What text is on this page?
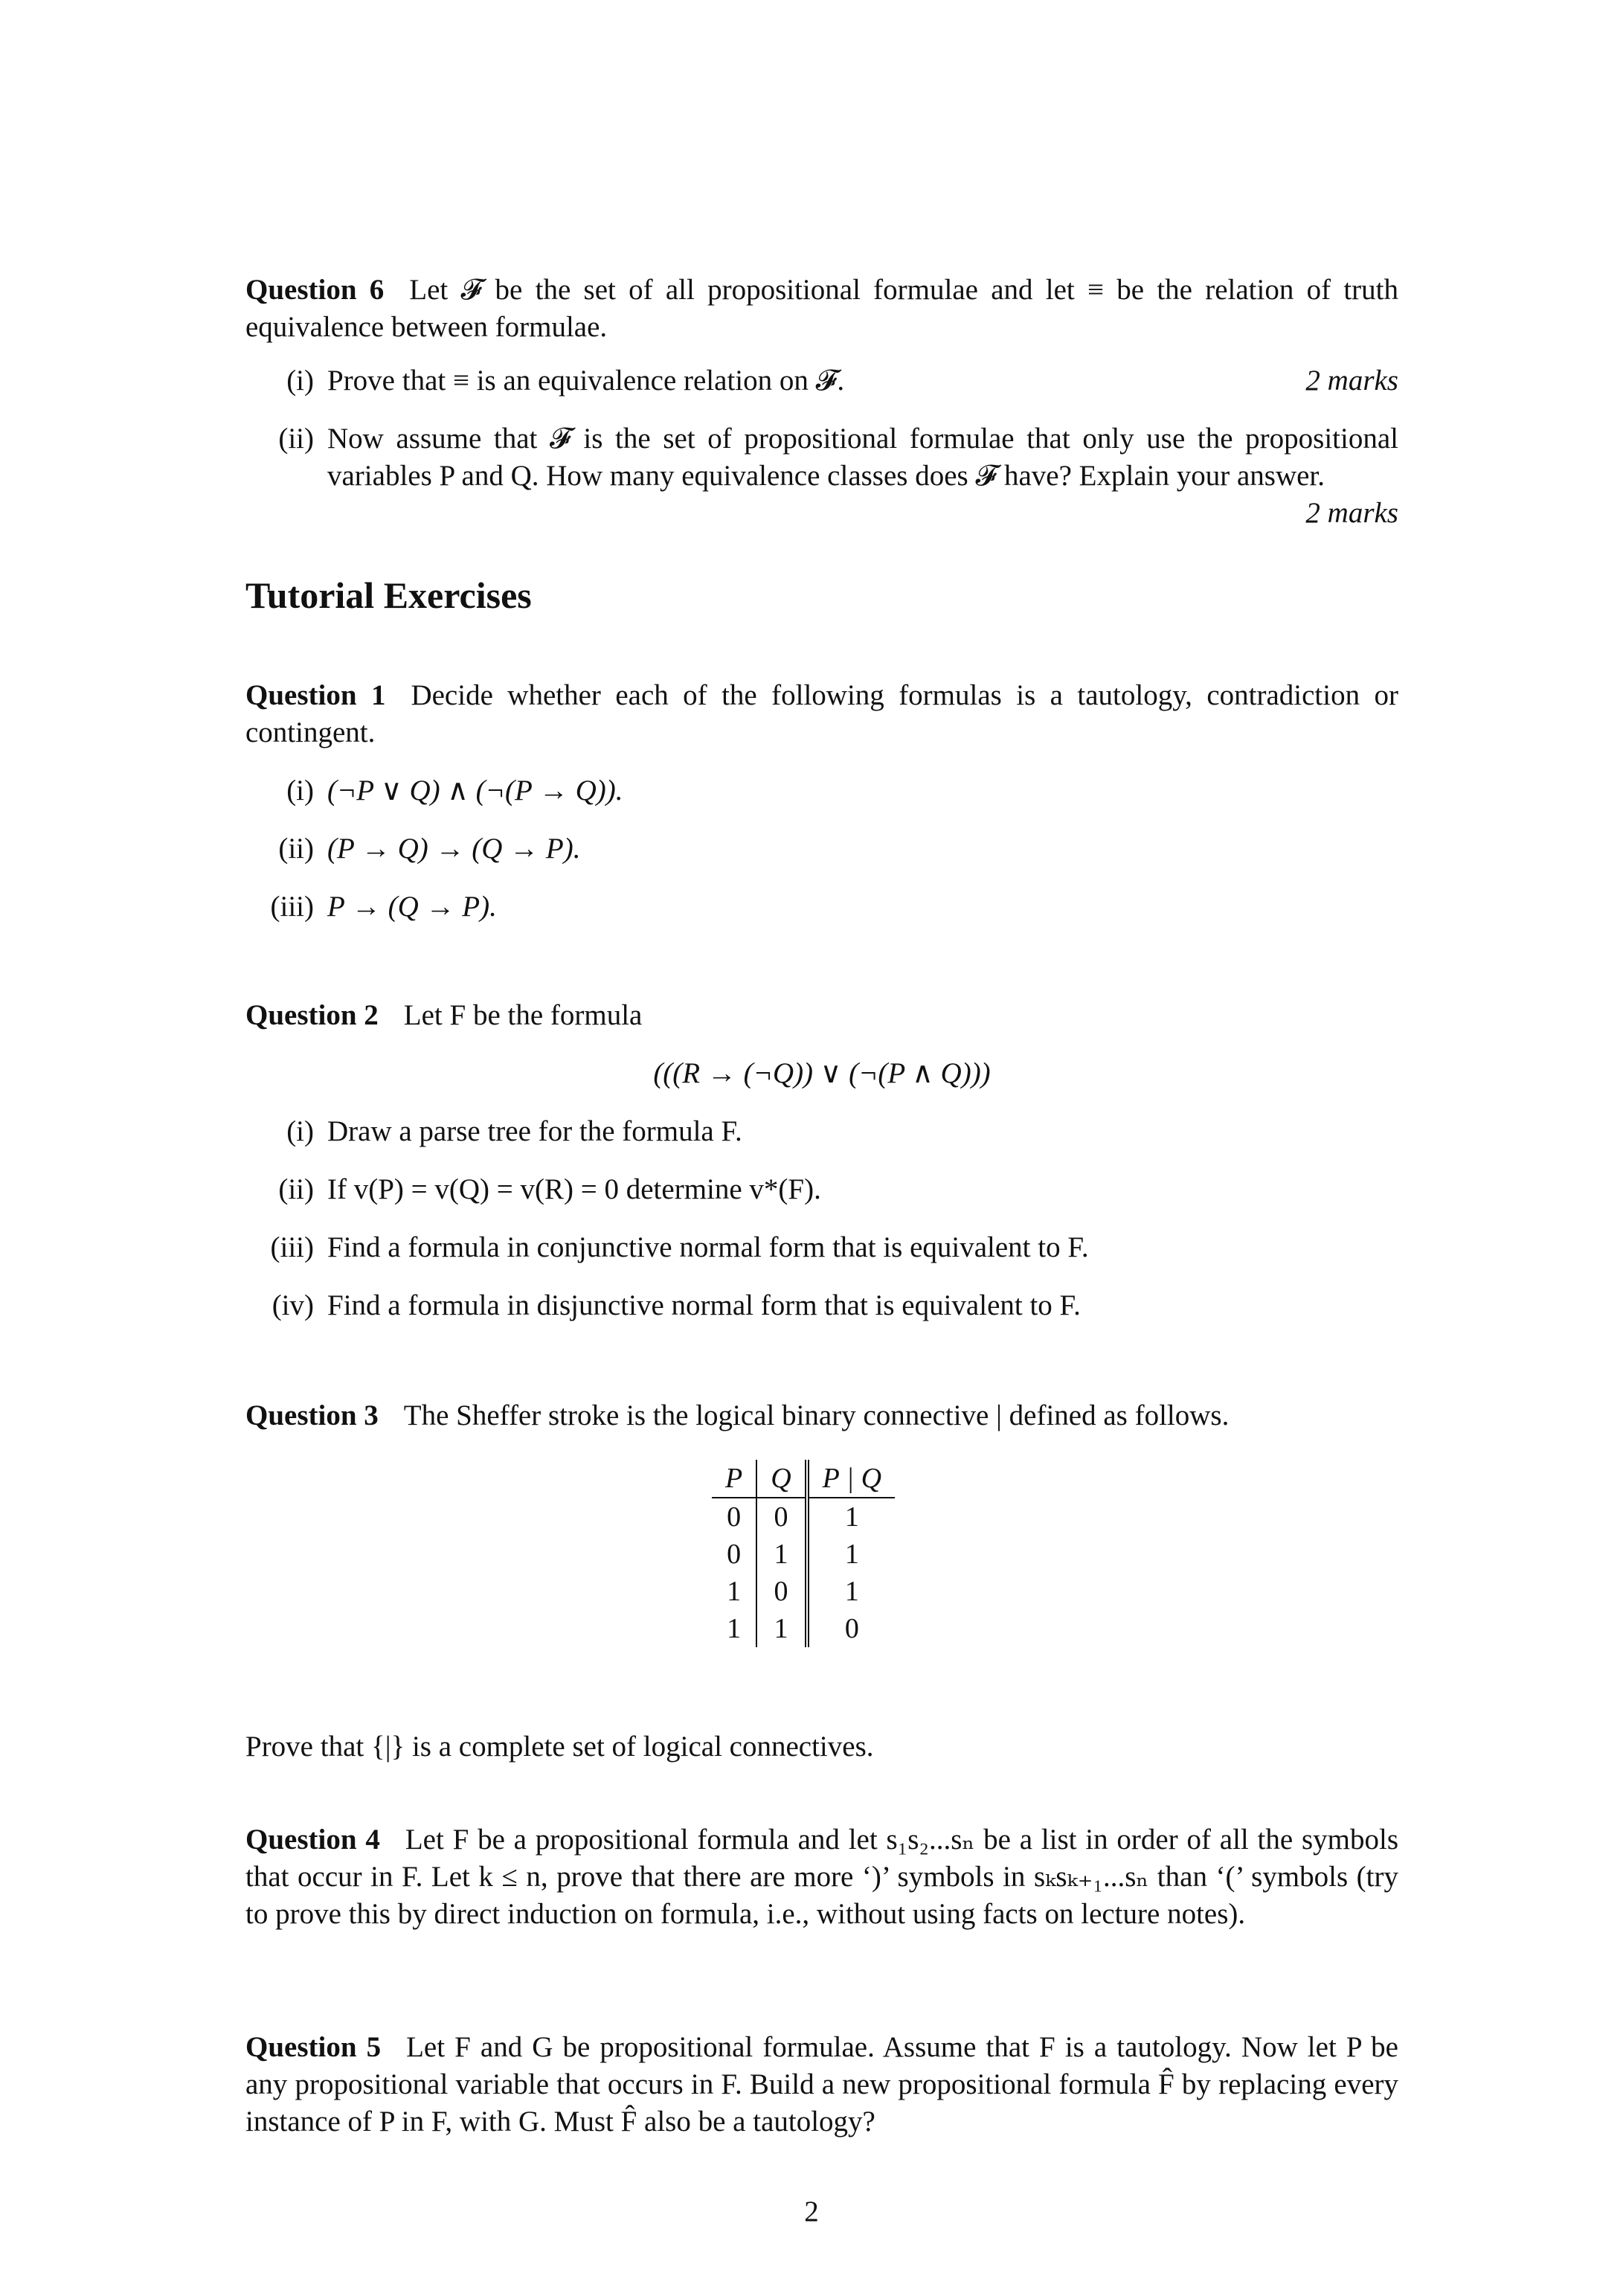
Question 6 Let 𝓕 be the set of all propositional formulae and let ≡ be the relation of truth equivalence between formulae.
(i) Prove that ≡ is an equivalence relation on 𝓕.	2 marks
(ii) Now assume that 𝓕 is the set of propositional formulae that only use the propositional variables P and Q. How many equivalence classes does 𝓕 have? Explain your answer.
2 marks
Tutorial Exercises
Question 1 Decide whether each of the following formulas is a tautology, contradiction or contingent.
(i) (¬P ∨ Q) ∧ (¬(P → Q)).
(ii) (P → Q) → (Q → P).
(iii) P → (Q → P).
Question 2 Let F be the formula
(((R → (¬Q)) ∨ (¬(P ∧ Q)))
(i) Draw a parse tree for the formula F.
(ii) If v(P) = v(Q) = v(R) = 0 determine v*(F).
(iii) Find a formula in conjunctive normal form that is equivalent to F.
(iv) Find a formula in disjunctive normal form that is equivalent to F.
Question 3 The Sheffer stroke is the logical binary connective | defined as follows.
P	Q	P | Q
0	0	1
0	1	1
1	0	1
1	1	0
Prove that {|} is a complete set of logical connectives.
Question 4 Let F be a propositional formula and let s₁s₂...sₙ be a list in order of all the symbols that occur in F. Let k ≤ n, prove that there are more ‘)’ symbols in sₖsₖ₊₁...sₙ than ‘(’ symbols (try to prove this by direct induction on formula, i.e., without using facts on lecture notes).
Question 5 Let F and G be propositional formulae. Assume that F is a tautology. Now let P be any propositional variable that occurs in F. Build a new propositional formula F̂ by replacing every instance of P in F, with G. Must F̂ also be a tautology?
2
